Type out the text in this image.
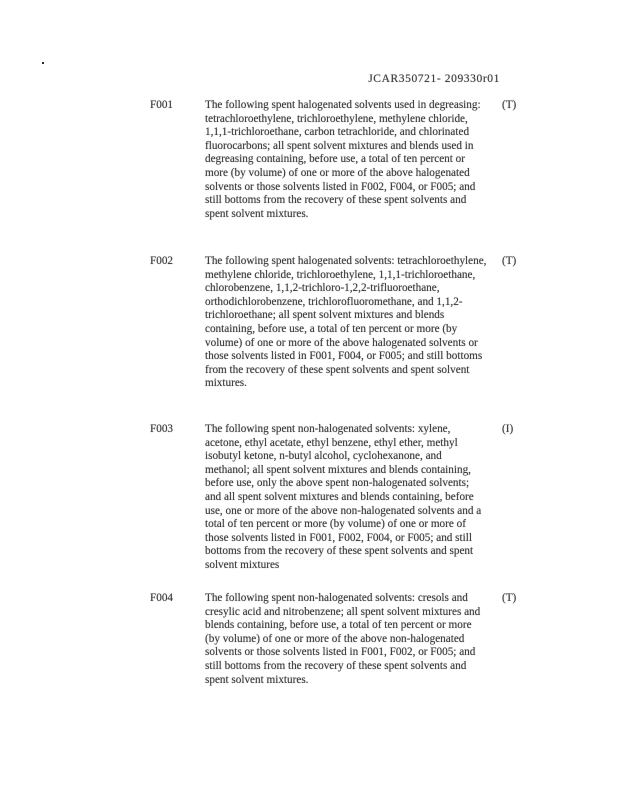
JCAR350721- 209330r01
F001	The following spent halogenated solvents used in degreasing: tetrachloroethylene, trichloroethylene, methylene chloride, 1,1,1-trichloroethane, carbon tetrachloride, and chlorinated fluorocarbons; all spent solvent mixtures and blends used in degreasing containing, before use, a total of ten percent or more (by volume) of one or more of the above halogenated solvents or those solvents listed in F002, F004, or F005; and still bottoms from the recovery of these spent solvents and spent solvent mixtures.
(T)
F002	The following spent halogenated solvents: tetrachloroethylene, methylene chloride, trichloroethylene, 1,1,1-trichloroethane, chlorobenzene, 1,1,2-trichloro-1,2,2-trifluoroethane, orthodichlorobenzene, trichlorofluoromethane, and 1,1,2-trichloroethane; all spent solvent mixtures and blends containing, before use, a total of ten percent or more (by volume) of one or more of the above halogenated solvents or those solvents listed in F001, F004, or F005; and still bottoms from the recovery of these spent solvents and spent solvent mixtures.
(T)
F003	The following spent non-halogenated solvents: xylene, acetone, ethyl acetate, ethyl benzene, ethyl ether, methyl isobutyl ketone, n-butyl alcohol, cyclohexanone, and methanol; all spent solvent mixtures and blends containing, before use, only the above spent non-halogenated solvents; and all spent solvent mixtures and blends containing, before use, one or more of the above non-halogenated solvents and a total of ten percent or more (by volume) of one or more of those solvents listed in F001, F002, F004, or F005; and still bottoms from the recovery of these spent solvents and spent solvent mixtures
(I)
F004	The following spent non-halogenated solvents: cresols and cresylic acid and nitrobenzene; all spent solvent mixtures and blends containing, before use, a total of ten percent or more (by volume) of one or more of the above non-halogenated solvents or those solvents listed in F001, F002, or F005; and still bottoms from the recovery of these spent solvents and spent solvent mixtures.
(T)
